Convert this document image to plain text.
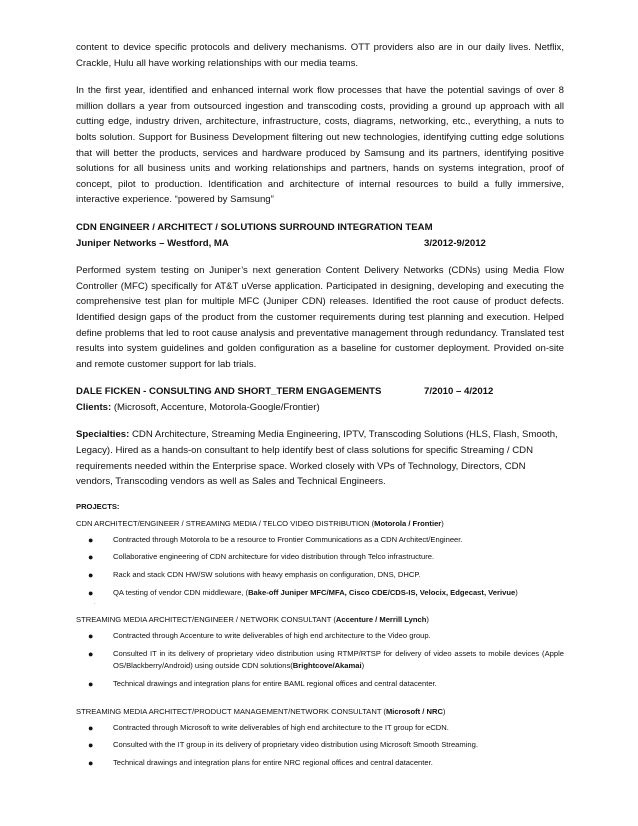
content to device specific protocols and delivery mechanisms. OTT providers also are in our daily lives. Netflix, Crackle, Hulu all have working relationships with our media teams.

In the first year, identified and enhanced internal work flow processes that have the potential savings of over 8 million dollars a year from outsourced ingestion and transcoding costs, providing a ground up approach with all cutting edge, industry driven, architecture, infrastructure, costs, diagrams, networking, etc., everything, a nuts to bolts solution. Support for Business Development filtering out new technologies, identifying cutting edge solutions that will better the products, services and hardware produced by Samsung and its partners, identifying positive solutions for all business units and working relationships and partners, hands on systems integration, proof of concept, pilot to production. Identification and architecture of internal resources to build a fully immersive, interactive experience. “powered by Samsung”

CDN ENGINEER / ARCHITECT / SOLUTIONS SURROUND INTEGRATION TEAM

Juniper Networks – Westford, MA	3/2012-9/2012

Performed system testing on Juniper’s next generation Content Delivery Networks (CDNs) using Media Flow Controller (MFC) specifically for AT&T uVerse application. Participated in designing, developing and executing the comprehensive test plan for multiple MFC (Juniper CDN) releases. Identified the root cause of product defects. Identified design gaps of the product from the customer requirements during test planning and execution. Helped define problems that led to root cause analysis and preventative management through redundancy. Translated test results into system guidelines and golden configuration as a baseline for customer deployment. Provided on-site and remote customer support for lab trials.

DALE FICKEN - CONSULTING AND SHORT_TERM ENGAGEMENTS	7/2010 – 4/2012

Clients: (Microsoft, Accenture, Motorola-Google/Frontier)

Specialties: CDN Architecture, Streaming Media Engineering, IPTV, Transcoding Solutions (HLS, Flash, Smooth, Legacy). Hired as a hands-on consultant to help identify best of class solutions for specific Streaming / CDN requirements needed within the Enterprise space. Worked closely with VPs of Technology, Directors, CDN vendors, Transcoding vendors as well as Sales and Technical Engineers.

PROJECTS:

CDN ARCHITECT/ENGINEER / STREAMING MEDIA / TELCO VIDEO DISTRIBUTION (Motorola / Frontier)

●	Contracted through Motorola to be a resource to Frontier Communications as a CDN Architect/Engineer.
●	Collaborative engineering of CDN architecture for video distribution through Telco infrastructure.
●	Rack and stack CDN HW/SW solutions with heavy emphasis on configuration, DNS, DHCP.
●	QA testing of vendor CDN middleware, (Bake-off Juniper MFC/MFA, Cisco CDE/CDS-IS, Velocix, Edgecast, Verivue)

·

STREAMING MEDIA ARCHITECT/ENGINEER / NETWORK CONSULTANT (Accenture / Merrill Lynch)

●	Contracted through Accenture to write deliverables of high end architecture to the Video group.
●	Consulted IT in its delivery of proprietary video distribution using RTMP/RTSP for delivery of video assets to mobile devices (Apple OS/Blackberry/Android) using outside CDN solutions(Brightcove/Akamai)
●	Technical drawings and integration plans for entire BAML regional offices and central datacenter.

STREAMING MEDIA ARCHITECT/PRODUCT MANAGEMENT/NETWORK CONSULTANT (Microsoft / NRC)

●	Contracted through Microsoft to write deliverables of high end architecture to the IT group for eCDN.
●	Consulted with the IT group in its delivery of proprietary video distribution using Microsoft Smooth Streaming.
●	Technical drawings and integration plans for entire NRC regional offices and central datacenter.
